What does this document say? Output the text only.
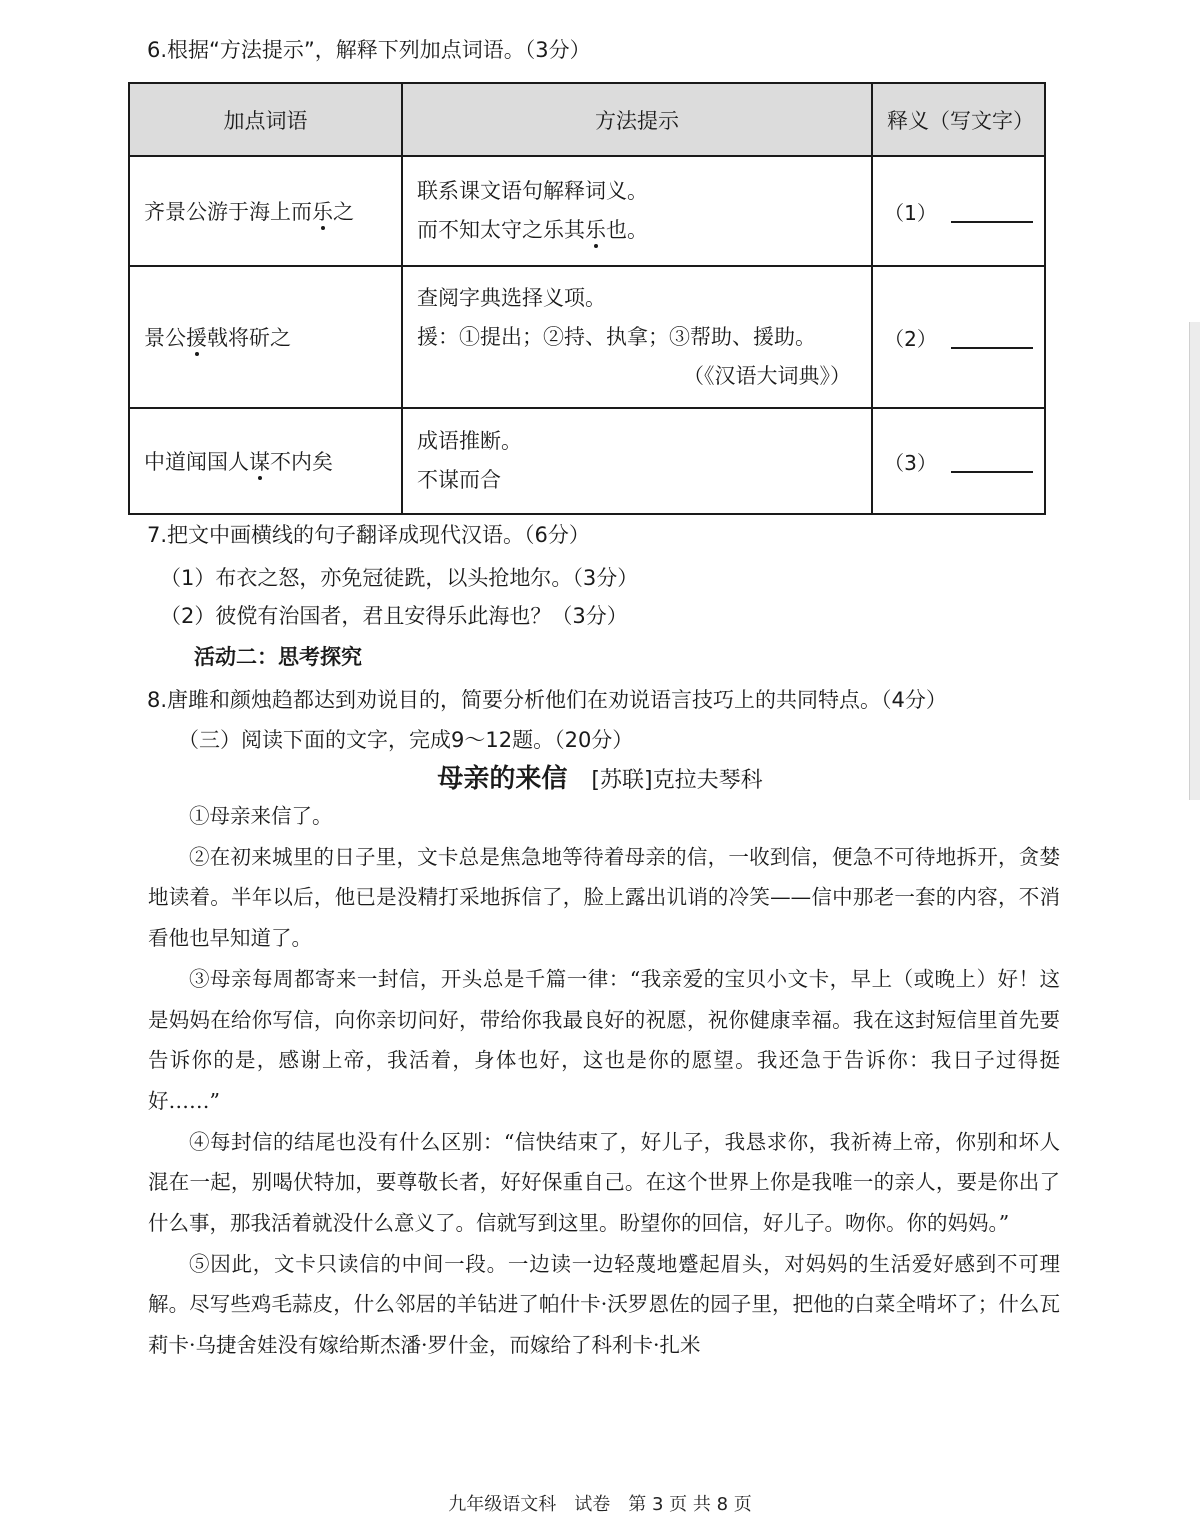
6.根据“方法提示”，解释下列加点词语。（3分）
加点词语	方法提示	释义（写文字）
齐景公游于海上而乐之
联系课文语句解释词义。
而不知太守之乐其乐也。
（1）
景公援戟将斫之
查阅字典选择义项。
援：①提出；②持、执拿；③帮助、援助。
（《汉语大词典》）
（2）
中道闻国人谋不内矣
成语推断。
不谋而合
（3）
7.把文中画横线的句子翻译成现代汉语。（6分）
（1）布衣之怒，亦免冠徒跣，以头抢地尔。（3分）
（2）彼傥有治国者，君且安得乐此海也？（3分）
活动二：思考探究
8.唐雎和颜烛趋都达到劝说目的，简要分析他们在劝说语言技巧上的共同特点。（4分）
（三）阅读下面的文字，完成9～12题。（20分）
母亲的来信 [苏联]克拉夫琴科

①母亲来信了。

②在初来城里的日子里，文卡总是焦急地等待着母亲的信，一收到信，便急不可待地拆开，贪婪地读着。半年以后，他已是没精打采地拆信了，脸上露出讥诮的冷笑——信中那老一套的内容，不消看他也早知道了。

③母亲每周都寄来一封信，开头总是千篇一律：“我亲爱的宝贝小文卡，早上（或晚上）好！这是妈妈在给你写信，向你亲切问好，带给你我最良好的祝愿，祝你健康幸福。我在这封短信里首先要告诉你的是，感谢上帝，我活着，身体也好，这也是你的愿望。我还急于告诉你：我日子过得挺好……”

④每封信的结尾也没有什么区别：“信快结束了，好儿子，我恳求你，我祈祷上帝，你别和坏人混在一起，别喝伏特加，要尊敬长者，好好保重自己。在这个世界上你是我唯一的亲人，要是你出了什么事，那我活着就没什么意义了。信就写到这里。盼望你的回信，好儿子。吻你。你的妈妈。”

⑤因此，文卡只读信的中间一段。一边读一边轻蔑地蹙起眉头，对妈妈的生活爱好感到不可理解。尽写些鸡毛蒜皮，什么邻居的羊钻进了帕什卡·沃罗恩佐的园子里，把他的白菜全啃坏了；什么瓦莉卡·乌捷舍娃没有嫁给斯杰潘·罗什金，而嫁给了科利卡·扎米

九年级语文科　试卷　第 3 页 共 8 页
